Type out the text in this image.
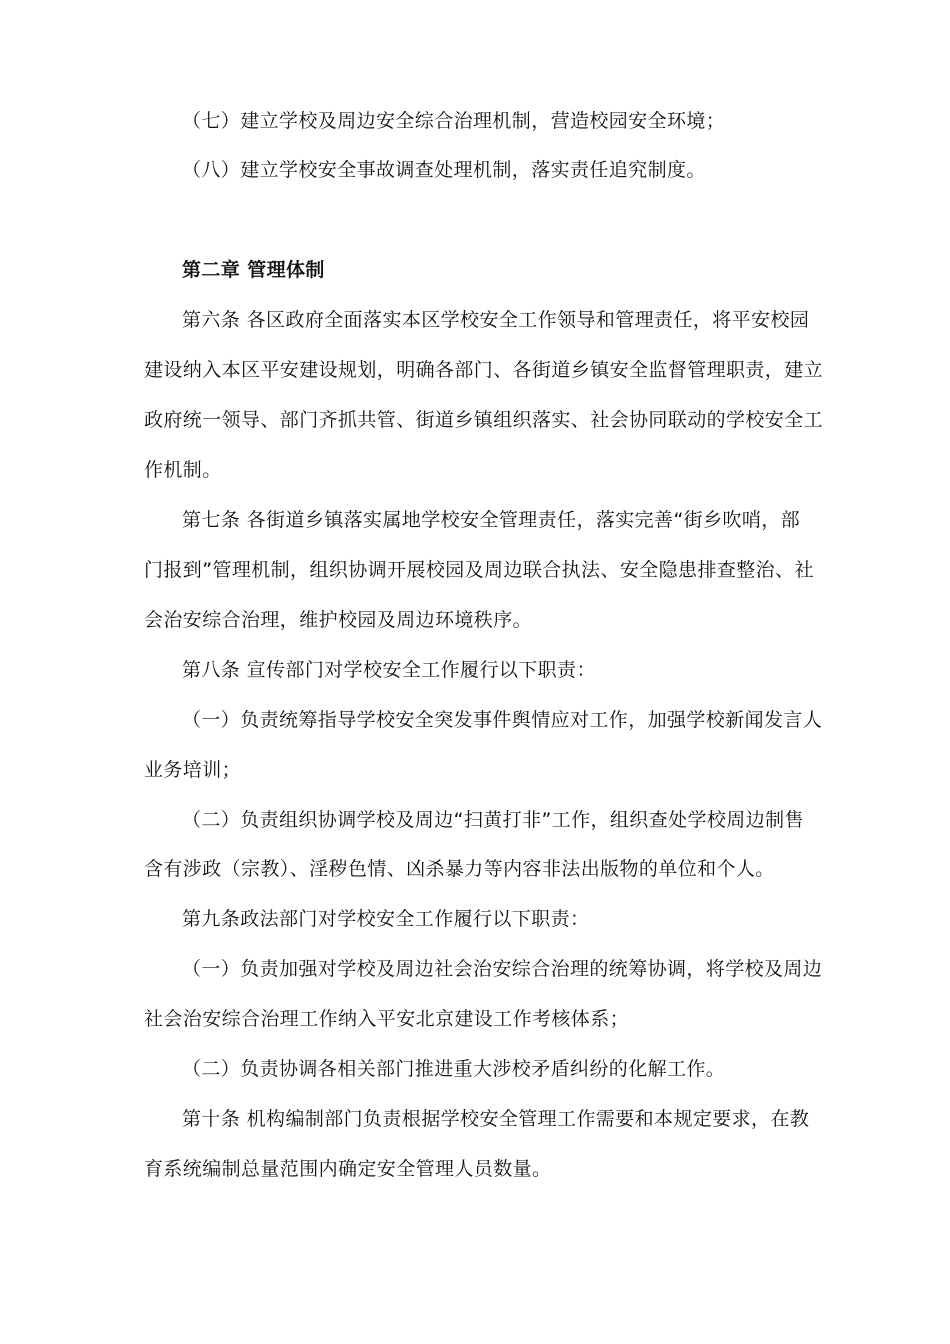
（七）建立学校及周边安全综合治理机制，营造校园安全环境；
（八）建立学校安全事故调查处理机制，落实责任追究制度。
第二章 管理体制
第六条 各区政府全面落实本区学校安全工作领导和管理责任，将平安校园
建设纳入本区平安建设规划，明确各部门、各街道乡镇安全监督管理职责，建立
政府统一领导、部门齐抓共管、街道乡镇组织落实、社会协同联动的学校安全工
作机制。
第七条 各街道乡镇落实属地学校安全管理责任，落实完善“街乡吹哨，部
门报到”管理机制，组织协调开展校园及周边联合执法、安全隐患排查整治、社
会治安综合治理，维护校园及周边环境秩序。
第八条 宣传部门对学校安全工作履行以下职责：
（一）负责统筹指导学校安全突发事件舆情应对工作，加强学校新闻发言人
业务培训；
（二）负责组织协调学校及周边“扫黄打非”工作，组织查处学校周边制售
含有涉政（宗教）、淫秽色情、凶杀暴力等内容非法出版物的单位和个人。
第九条政法部门对学校安全工作履行以下职责：
（一）负责加强对学校及周边社会治安综合治理的统筹协调，将学校及周边
社会治安综合治理工作纳入平安北京建设工作考核体系；
（二）负责协调各相关部门推进重大涉校矛盾纠纷的化解工作。
第十条 机构编制部门负责根据学校安全管理工作需要和本规定要求，在教
育系统编制总量范围内确定安全管理人员数量。
